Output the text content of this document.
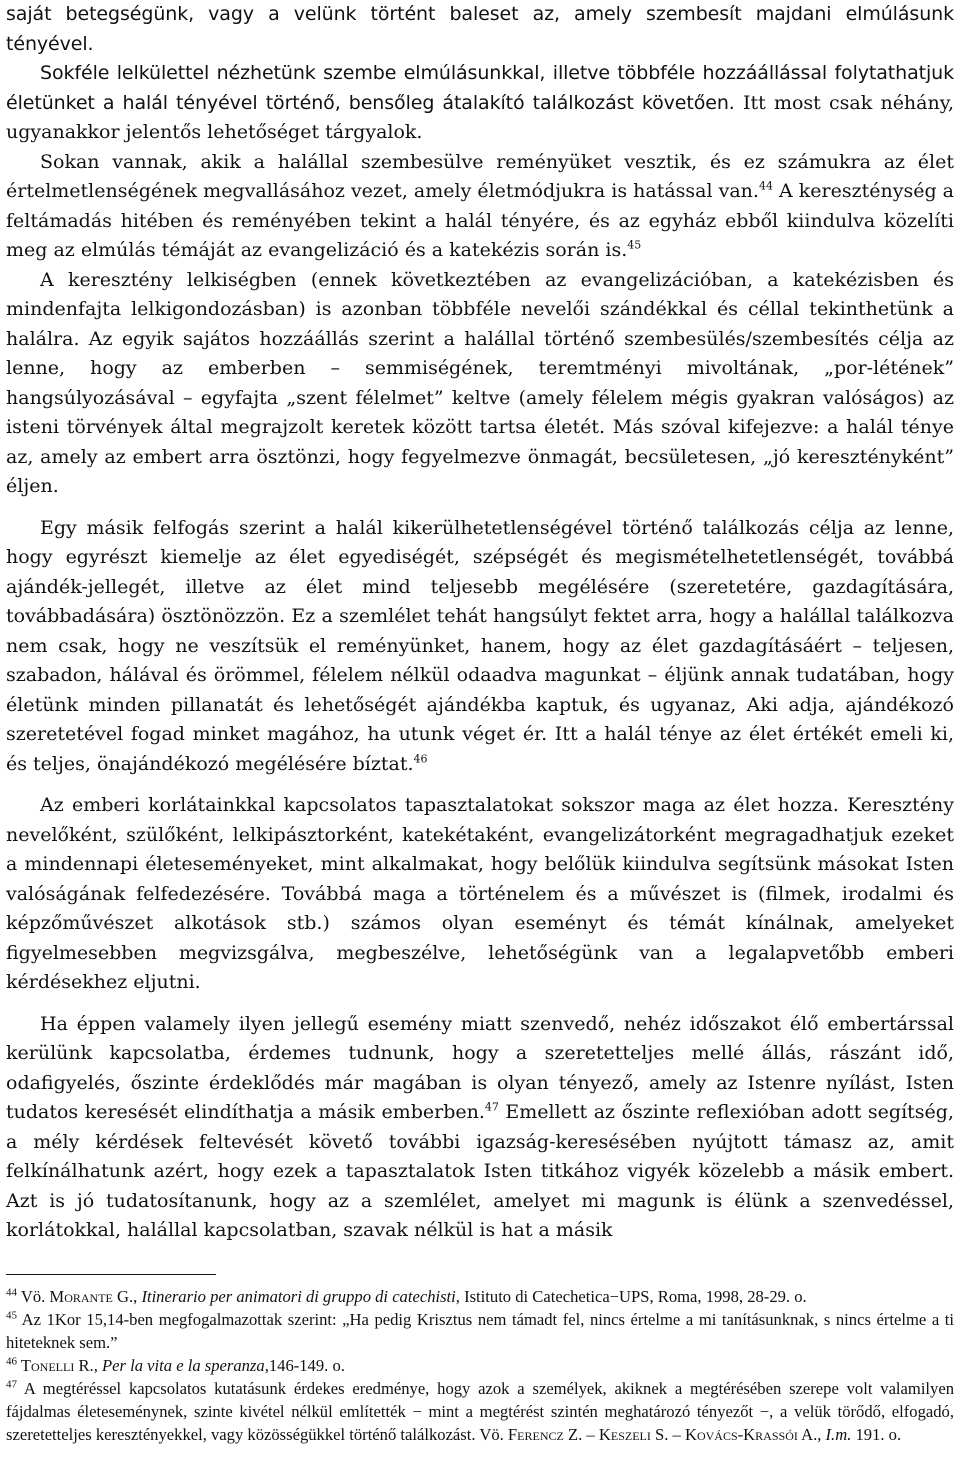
saját betegségünk, vagy a velünk történt baleset az, amely szembesít majdani elmúlásunk tényével.

Sokféle lelkülettel nézhetünk szembe elmúlásunkkal, illetve többféle hozzáállással folytathatjuk életünket a halál tényével történő, bensőleg átalakító találkozást követően. Itt most csak néhány, ugyanakkor jelentős lehetőséget tárgyalok.

Sokan vannak, akik a halállal szembesülve reményüket vesztik, és ez számukra az élet értelmetlenségének megvallásához vezet, amely életmódjukra is hatással van.$^{44}$ A kereszténység a feltámadás hitében és reményében tekint a halál tényére, és az egyház ebből kiindulva közelíti meg az elmúlás témáját az evangelizáció és a katekézis során is.$^{45}$

A keresztény lelkiségben (ennek következtében az evangelizációban, a katekézisben és mindenfajta lelkigondozásban) is azonban többféle nevelői szándékkal és céllal tekinthetünk a halálra. Az egyik sajátos hozzáállás szerint a halállal történő szembesülés/szembesítés célja az lenne, hogy az emberben – semmiségének, teremtményi mivoltának, „por-létének” hangsúlyozásával – egyfajta „szent félelmet” keltve (amely félelem mégis gyakran valóságos) az isteni törvények által megrajzolt keretek között tartsa életét. Más szóval kifejezve: a halál ténye az, amely az embert arra ösztönzi, hogy fegyelmezve önmagát, becsületesen, „jó keresztényként” éljen.

Egy másik felfogás szerint a halál kikerülhetetlenségével történő találkozás célja az lenne, hogy egyrészt kiemelje az élet egyediségét, szépségét és megismételhetetlenségét, továbbá ajándék-jellegét, illetve az élet mind teljesebb megélésére (szeretetére, gazdagítására, továbbadására) ösztönözzön. Ez a szemlélet tehát hangsúlyt fektet arra, hogy a halállal találkozva nem csak, hogy ne veszítsük el reményünket, hanem, hogy az élet gazdagításáért – teljesen, szabadon, hálával és örömmel, félelem nélkül odaadva magunkat – éljünk annak tudatában, hogy életünk minden pillanatát és lehetőségét ajándékba kaptuk, és ugyanaz, Aki adja, ajándékozó szeretetével fogad minket magához, ha utunk véget ér. Itt a halál ténye az élet értékét emeli ki, és teljes, önajándékozó megélésére bíztat.$^{46}$

Az emberi korlátainkkal kapcsolatos tapasztalatokat sokszor maga az élet hozza. Keresztény nevelőként, szülőként, lelkipásztorként, katekétaként, evangelizátorként megragadhatjuk ezeket a mindennapi életeseményeket, mint alkalmakat, hogy belőlük kiindulva segítsünk másokat Isten valóságának felfedezésére. Továbbá maga a történelem és a művészet is (filmek, irodalmi és képzőművészet alkotások stb.) számos olyan eseményt és témát kínálnak, amelyeket figyelmesebben megvizsgálva, megbeszélve, lehetőségünk van a legalapvetőbb emberi kérdésekhez eljutni.

Ha éppen valamely ilyen jellegű esemény miatt szenvedő, nehéz időszakot élő embertárssal kerülünk kapcsolatba, érdemes tudnunk, hogy a szeretetteljes mellé állás, rászánt idő, odafigyelés, őszinte érdeklődés már magában is olyan tényező, amely az Istenre nyílást, Isten tudatos keresését elindíthatja a másik emberben.$^{47}$ Emellett az őszinte reflexióban adott segítség, a mély kérdések feltevését követő további igazság-keresésében nyújtott támasz az, amit felkínálhatunk azért, hogy ezek a tapasztalatok Isten titkához vigyék közelebb a másik embert. Azt is jó tudatosítanunk, hogy az a szemlélet, amelyet mi magunk is élünk a szenvedéssel, korlátokkal, halállal kapcsolatban, szavak nélkül is hat a másik

$^{44}$ Vö. Morante G., Itinerario per animatori di gruppo di catechisti, Istituto di Catechetica−UPS, Roma, 1998, 28-29. o.

$^{45}$ Az 1Kor 15,14-ben megfogalmazottak szerint: „Ha pedig Krisztus nem támadt fel, nincs értelme a mi tanításunknak, s nincs értelme a ti hiteteknek sem.”

$^{46}$ Tonelli R., Per la vita e la speranza,146-149. o.

$^{47}$ A megtéréssel kapcsolatos kutatásunk érdekes eredménye, hogy azok a személyek, akiknek a megtérésében szerepe volt valamilyen fájdalmas életeseménynek, szinte kivétel nélkül említették − mint a megtérést szintén meghatározó tényezőt −, a velük törődő, elfogadó, szeretetteljes keresztényekkel, vagy közösségükkel történő találkozást. Vö. Ferencz Z. – Keszeli S. – Kovács-Krassói A., I.m. 191. o.
